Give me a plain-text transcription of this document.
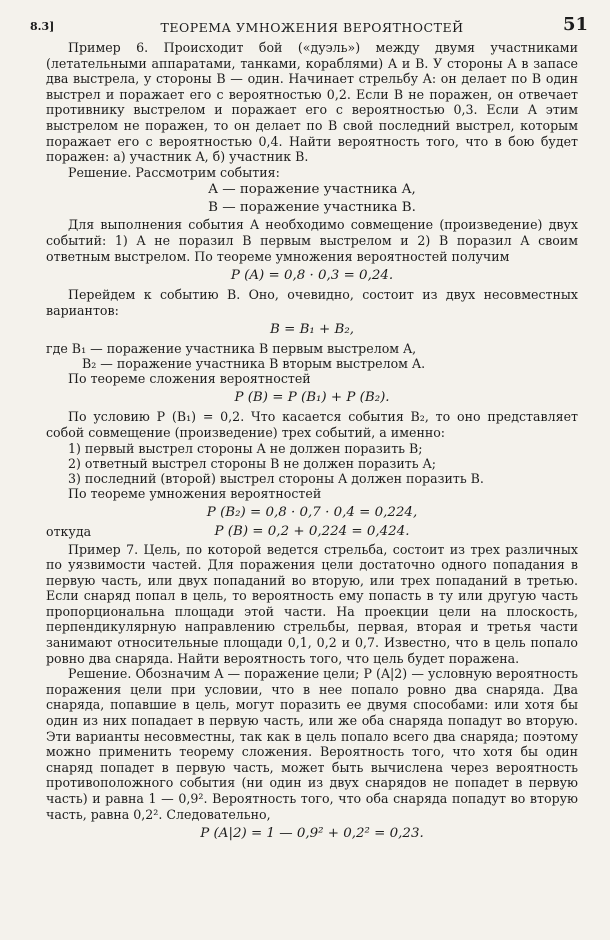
8.3]	ТЕОРЕМА УМНОЖЕНИЯ ВЕРОЯТНОСТЕЙ	51

Пример 6. Происходит бой («дуэль») между двумя участниками (летательными аппаратами, танками, кораблями) A и B. У стороны A в запасе два выстрела, у стороны B — один. Начинает стрельбу A: он делает по B один выстрел и поражает его с вероятностью 0,2. Если B не поражен, он отвечает противнику выстрелом и поражает его с вероятностью 0,3. Если A этим выстрелом не поражен, то он делает по B свой последний выстрел, которым поражает его с вероятностью 0,4. Найти вероятность того, что в бою будет поражен: а) участник A, б) участник B.

Решение. Рассмотрим события:

A — поражение участника A,
B — поражение участника B.

Для выполнения события A необходимо совмещение (произведение) двух событий: 1) A не поразил B первым выстрелом и 2) B поразил A своим ответным выстрелом. По теореме умножения вероятностей получим

P (A) = 0,8 · 0,3 = 0,24.

Перейдем к событию B. Оно, очевидно, состоит из двух несовместных вариантов:

B = B₁ + B₂,

где B₁ — поражение участника B первым выстрелом A,

B₂ — поражение участника B вторым выстрелом A.

По теореме сложения вероятностей

P (B) = P (B₁) + P (B₂).

По условию P (B₁) = 0,2. Что касается события B₂, то оно представляет собой совмещение (произведение) трех событий, а именно:

1) первый выстрел стороны A не должен поразить B;

2) ответный выстрел стороны B не должен поразить A;

3) последний (второй) выстрел стороны A должен поразить B.

По теореме умножения вероятностей

P (B₂) = 0,8 · 0,7 · 0,4 = 0,224,
откуда	P (B) = 0,2 + 0,224 = 0,424.

Пример 7. Цель, по которой ведется стрельба, состоит из трех различных по уязвимости частей. Для поражения цели достаточно одного попадания в первую часть, или двух попаданий во вторую, или трех попаданий в третью. Если снаряд попал в цель, то вероятность ему попасть в ту или другую часть пропорциональна площади этой части. На проекции цели на плоскость, перпендикулярную направлению стрельбы, первая, вторая и третья части занимают относительные площади 0,1, 0,2 и 0,7. Известно, что в цель попало ровно два снаряда. Найти вероятность того, что цель будет поражена.

Решение. Обозначим A — поражение цели; P (A|2) — условную вероятность поражения цели при условии, что в нее попало ровно два снаряда. Два снаряда, попавшие в цель, могут поразить ее двумя способами: или хотя бы один из них попадает в первую часть, или же оба снаряда попадут во вторую. Эти варианты несовместны, так как в цель попало всего два снаряда; поэтому можно применить теорему сложения. Вероятность того, что хотя бы один снаряд попадет в первую часть, может быть вычислена через вероятность противоположного события (ни один из двух снарядов не попадет в первую часть) и равна 1 — 0,9². Вероятность того, что оба снаряда попадут во вторую часть, равна 0,2². Следовательно,

P (A|2) = 1 — 0,9² + 0,2² = 0,23.
